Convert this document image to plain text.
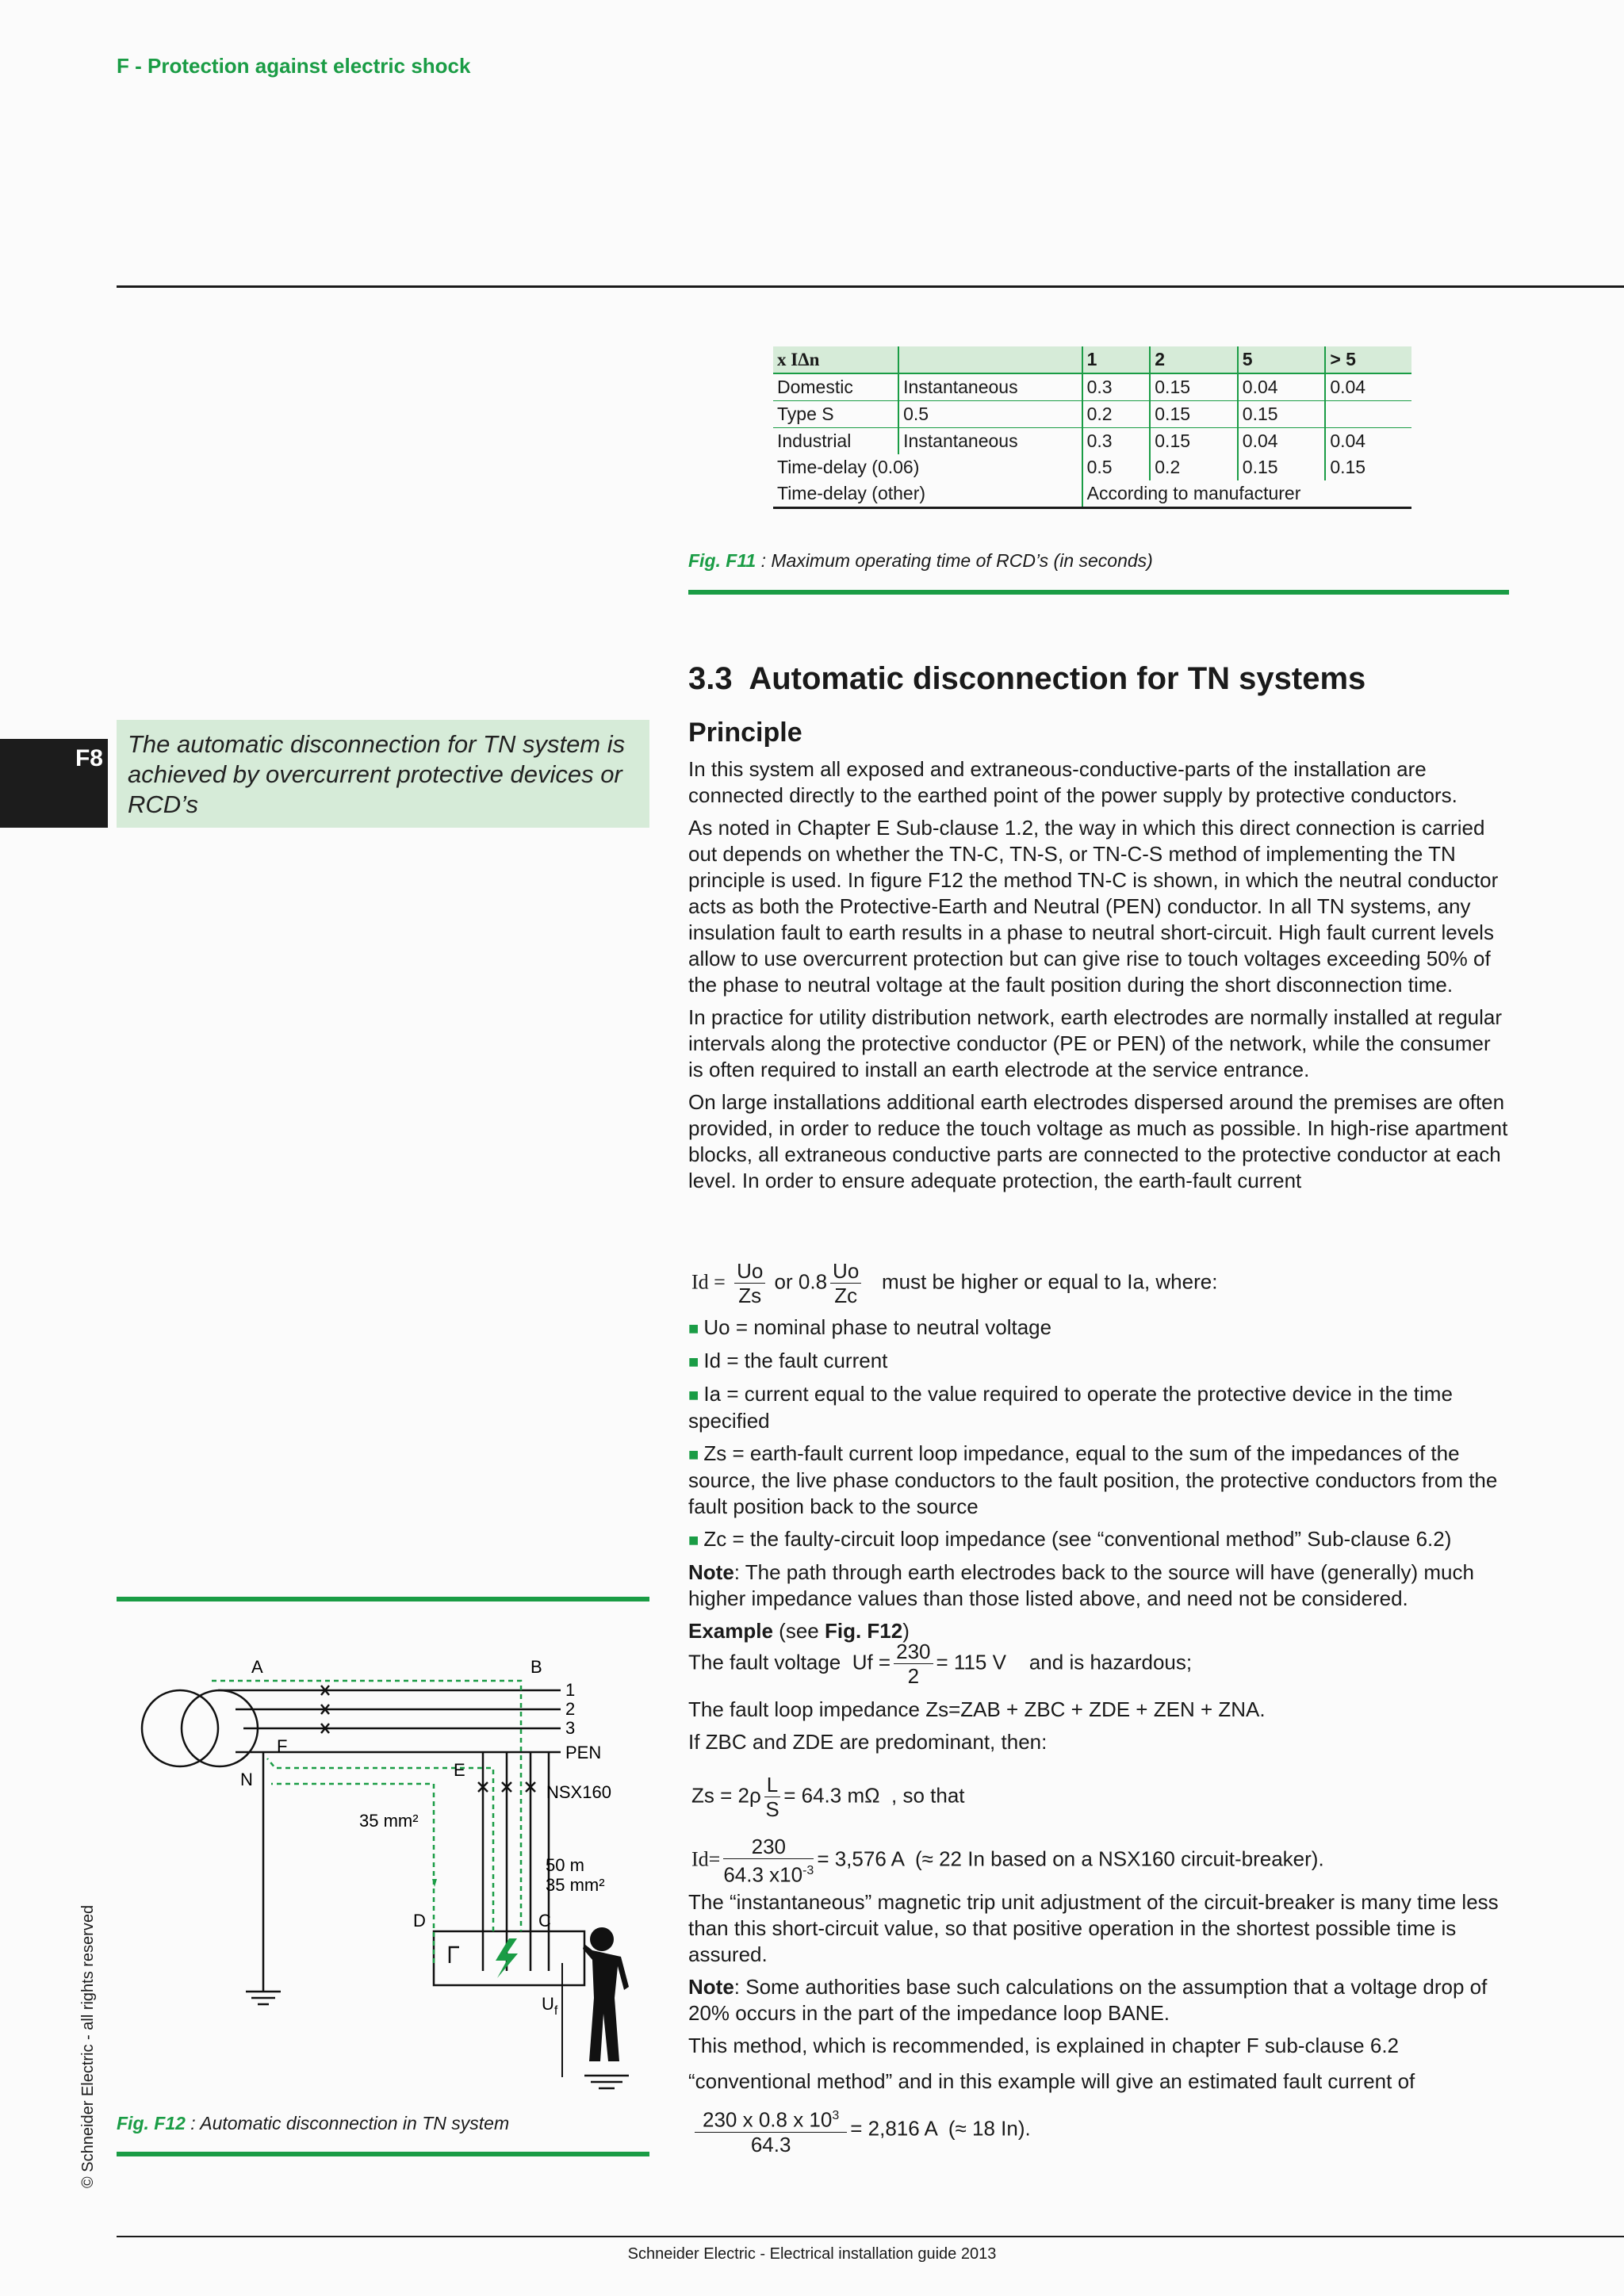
F - Protection against electric shock
x IΔn		1	2	5	> 5
Domestic	Instantaneous	0.3	0.15	0.04	0.04
Type S	0.5	0.2	0.15	0.15	
Industrial	Instantaneous	0.3	0.15	0.04	0.04
Time-delay (0.06)		0.5	0.2	0.15	0.15
Time-delay (other)		According to manufacturer			
Fig. F11 : Maximum operating time of RCD’s (in seconds)
F8
The automatic disconnection for TN system is achieved by overcurrent protective devices or RCD’s
3.3 Automatic disconnection for TN systems
Principle

In this system all exposed and extraneous-conductive-parts of the installation are connected directly to the earthed point of the power supply by protective conductors.

As noted in Chapter E Sub-clause 1.2, the way in which this direct connection is carried out depends on whether the TN-C, TN-S, or TN-C-S method of implementing the TN principle is used. In figure F12 the method TN-C is shown, in which the neutral conductor acts as both the Protective-Earth and Neutral (PEN) conductor. In all TN systems, any insulation fault to earth results in a phase to neutral short-circuit. High fault current levels allow to use overcurrent protection but can give rise to touch voltages exceeding 50% of the phase to neutral voltage at the fault position during the short disconnection time.

In practice for utility distribution network, earth electrodes are normally installed at regular intervals along the protective conductor (PE or PEN) of the network, while the consumer is often required to install an earth electrode at the service entrance.

On large installations additional earth electrodes dispersed around the premises are often provided, in order to reduce the touch voltage as much as possible. In high-rise apartment blocks, all extraneous conductive parts are connected to the protective conductor at each level. In order to ensure adequate protection, the earth-fault current

$Id = \frac{Uo}{Zs}$ or $0.8 \frac{Uo}{Zc}$ must be higher or equal to Ia, where:

■ Uo = nominal phase to neutral voltage

■ Id = the fault current

■ Ia = current equal to the value required to operate the protective device in the time specified

■ Zs = earth-fault current loop impedance, equal to the sum of the impedances of the source, the live phase conductors to the fault position, the protective conductors from the fault position back to the source

■ Zc = the faulty-circuit loop impedance (see “conventional method” Sub-clause 6.2)

Note: The path through earth electrodes back to the source will have (generally) much higher impedance values than those listed above, and need not be considered.

Example (see Fig. F12)

The fault voltage $Uf = \frac{230}{2} = 115$ V and is hazardous;

The fault loop impedance Zs=ZAB + ZBC + ZDE + ZEN + ZNA.

If ZBC and ZDE are predominant, then:

$Zs = 2\rho \frac{L}{S} = 64.3$ mΩ , so that
$Id= \frac{230}{64.3 x10^{-3}} = 3,576$ A (≈ 22 In based on a NSX160 circuit-breaker).

The “instantaneous” magnetic trip unit adjustment of the circuit-breaker is many time less than this short-circuit value, so that positive operation in the shortest possible time is assured.

Note: Some authorities base such calculations on the assumption that a voltage drop of 20% occurs in the part of the impedance loop BANE.

This method, which is recommended, is explained in chapter F sub-clause 6.2

“conventional method” and in this example will give an estimated fault current of

$\frac{230 x 0.8 x 10^3}{64.3} = 2,816$ A (≈ 18 In).
A	B
1
2
3
PEN
F
N	E
NSX160
35 mm²
50 m
35 mm²
D	C
$U_f$
Fig. F12 : Automatic disconnection in TN system
© Schneider Electric - all rights reserved
Schneider Electric - Electrical installation guide 2013
